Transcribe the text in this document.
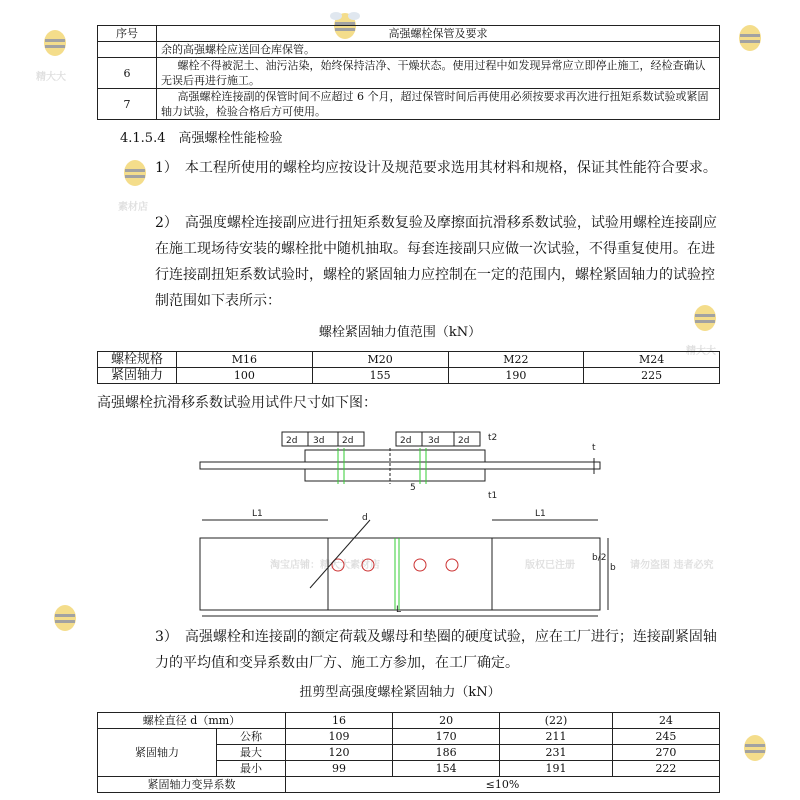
精大大
素材店
精大大
淘宝店铺：精大大素材店	版权已注册	请勿盗图 违者必究
序号	高强螺栓保管及要求
	余的高强螺栓应送回仓库保管。
6	螺栓不得被泥土、油污沾染，始终保持洁净、干燥状态。使用过程中如发现异常应立即停止施工，经检查确认无误后再进行施工。
7	高强螺栓连接副的保管时间不应超过 6 个月，超过保管时间后再使用必须按要求再次进行扭矩系数试验或紧固轴力试验，检验合格后方可使用。
4.1.5.4　高强螺栓性能检验

1）　本工程所使用的螺栓均应按设计及规范要求选用其材料和规格，保证其性能符合要求。

2）　高强度螺栓连接副应进行扭矩系数复验及摩擦面抗滑移系数试验，试验用螺栓连接副应在施工现场待安装的螺栓批中随机抽取。每套连接副只应做一次试验，不得重复使用。在进行连接副扭矩系数试验时，螺栓的紧固轴力应控制在一定的范围内，螺栓紧固轴力的试验控制范围如下表所示：

螺栓紧固轴力值范围（kN）
螺栓规格	M16	M20	M22	M24
紧固轴力	100	155	190	225
高强螺栓抗滑移系数试验用试件尺寸如下图：
2d 3d 2d	2d 3d 2d t2
t
5
t1
L1	L1
d
b/2
b
L

3）　高强螺栓和连接副的额定荷载及螺母和垫圈的硬度试验，应在工厂进行；连接副紧固轴力的平均值和变异系数由厂方、施工方参加，在工厂确定。

扭剪型高强度螺栓紧固轴力（kN）
螺栓直径 d（mm）		16	20	(22)	24
紧固轴力	公称	109	170	211	245
	最大	120	186	231	270
	最小	99	154	191	222
紧固轴力变异系数		≤10%			
